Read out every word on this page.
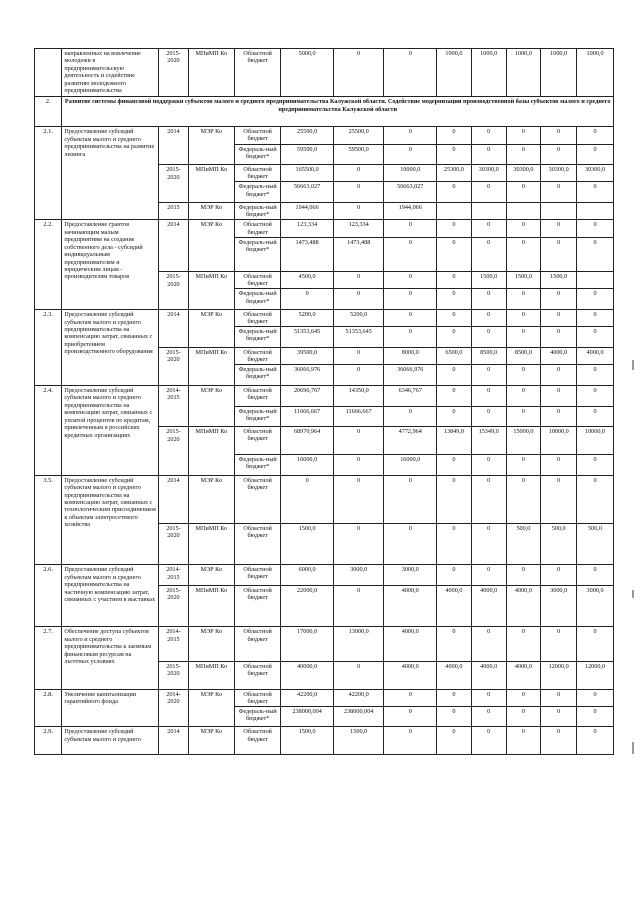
	направленных на вовлечение молодежи в предпринимательскую деятельность и содействие развитию молодежного предпринимательства	2015-2020	МПиМП Ко	Областной бюджет	5000,0	0	0	1000,0	1000,0	1000,0	1000,0	1000,0
2.	Развитие системы финансовой поддержки субъектов малого и среднего предпринимательства Калужской области. Содействие модернизации производственной базы субъектов малого и среднего предпринимательства Калужской области											
2.1.	Предоставление субсидий субъектам малого и среднего предпринимательства на развитие лизинга	2014	МЭР Ко	Областной бюджет	25500,0	25500,0	0	0	0	0	0	0
				Федераль-ный бюджет*	59500,0	59500,0	0	0	0	0	0	0
		2015-2020	МПиМП Ко	Областной бюджет	165500,0	0	19000,0	25300,0	30300,0	30300,0	30300,0	30300,0
				Федераль-ный бюджет*	56663,027	0	56663,027	0	0	0	0	0
		2015	МЭР Ко	Федераль-ный бюджет*	1944,066	0	1944,066					
2.2.	Предоставление грантов начинающим малым предприятиям на создание собственного дела - субсидий индивидуальным предпринимателям и юридическим лицам - производителям товаров	2014	МЭР Ко	Областной бюджет	123,334	123,334	0	0	0	0	0	0
				Федераль-ный бюджет*	1473,488	1473,488	0	0	0	0	0	0
		2015-2020	МПиМП Ко	Областной бюджет	4500,0	0	0	0	1500,0	1500,0	1500,0	
				Федераль-ный бюджет*	0	0	0	0	0	0	0	0
2.3.	Предоставление субсидий субъектам малого и среднего предпринимательства на компенсацию затрат, связанных с приобретением производственного оборудования	2014	МЭР Ко	Областной бюджет	5200,0	5200,0	0	0	0	0	0	0
				Федераль-ный бюджет*	51353,645	51353,645	0	0	0	0	0	0
		2015-2020	МПиМП Ко	Областной бюджет	39500,0	0	8000,0	6500,0	8500,0	8500,0	4000,0	4000,0
				Федераль-ный бюджет*	36066,976	0	36066,976	0	0	0	0	0
2.4.	Предоставление субсидий субъектам малого и среднего предпринимательства на компенсацию затрат, связанных с уплатой процентов по кредитам, привлеченным в российских кредитных организациях	2014-2015	МЭР Ко	Областной бюджет	20696,767	14350,0	6346,767	0	0	0	0	0
				Федераль-ный бюджет*	11666,667	11666,667	0	0	0	0	0	0
		2015-2020	МПиМП Ко	Областной бюджет	68970,964	0	4772,964	13849,0	15349,0	15000,0	10000,0	10000,0
				Федераль-ный бюджет*	16000,0	0	16000,0	0	0	0	0	0
3.5.	Предоставление субсидий субъектам малого и среднего предпринимательства на компенсацию затрат, связанных с технологическим присоединением к объектам электросетевого хозяйства	2014	МЭР Ко	Областной бюджет	0	0	0	0	0	0	0	0
		2015-2020	МПиМП Ко	Областной бюджет	1500,0	0	0	0	0	500,0	500,0	500,0
2.6.	Предоставление субсидий субъектам малого и среднего предпринимательства на частичную компенсацию затрат, связанных с участием в выставках	2014-2015	МЭР Ко	Областной бюджет	6000,0	3000,0	3000,0	0	0	0	0	0
		2015-2020	МПиМП Ко	Областной бюджет	22000,0	0	4000,0	4000,0	4000,0	4000,0	3000,0	3000,0
2.7.	Обеспечение доступа субъектов малого и среднего предпринимательства к заемным финансовым ресурсам на льготных условиях	2014-2015	МЭР Ко	Областной бюджет	17000,0	13000,0	4000,0	0	0	0	0	0
		2015-2020	МПиМП Ко	Областной бюджет	40000,0	0	4000,0	4000,0	4000,0	4000,0	12000,0	12000,0
2.8.	Увеличение капитализации гарантийного фонда	2014-2020	МЭР Ко	Областной бюджет	42200,0	42200,0	0	0	0	0	0	0
				Федераль-ный бюджет*	238000,004	238000,004	0	0	0	0	0	0
2.9.	Предоставление субсидий субъектам малого и среднего	2014	МЭР Ко	Областной бюджет	1500,0	1500,0	0	0	0	0	0	0
